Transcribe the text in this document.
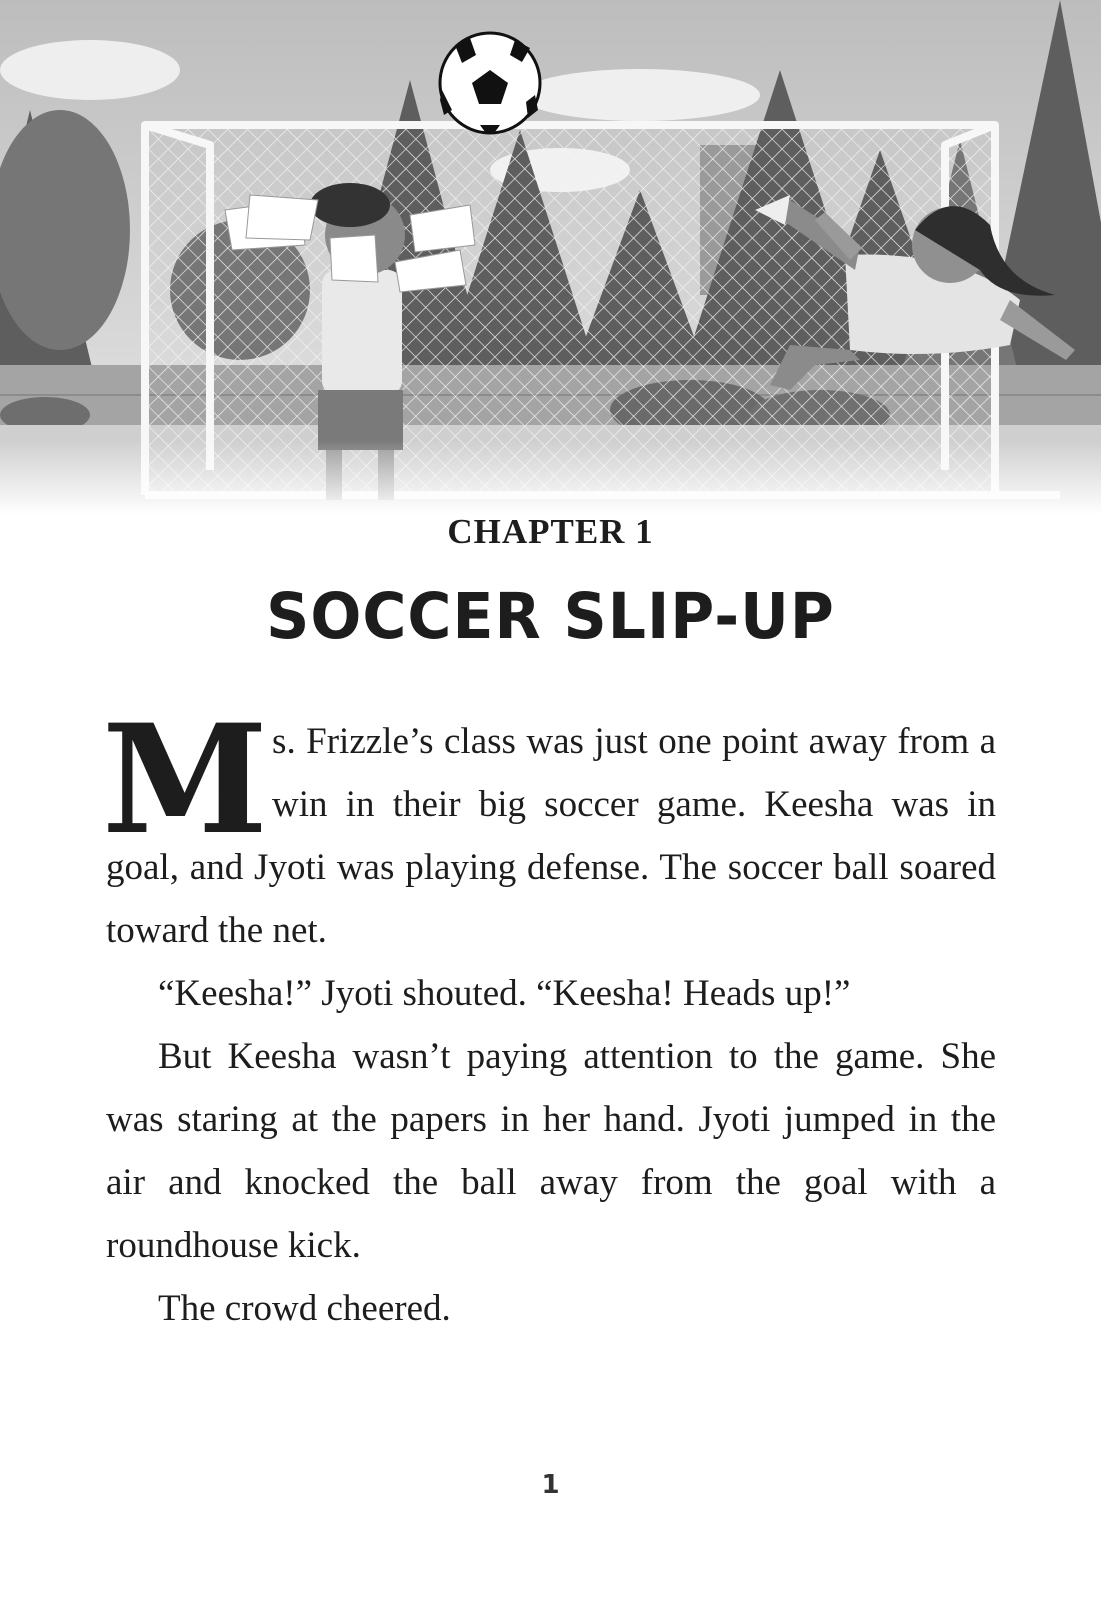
CHAPTER 1
SOCCER SLIP-UP

Ms. Frizzle’s class was just one point away from a win in their big soccer game. Keesha was in goal, and Jyoti was playing defense. The soccer ball soared toward the net.

“Keesha!” Jyoti shouted. “Keesha! Heads up!”

But Keesha wasn’t paying attention to the game. She was staring at the papers in her hand. Jyoti jumped in the air and knocked the ball away from the goal with a roundhouse kick.

The crowd cheered.

1
